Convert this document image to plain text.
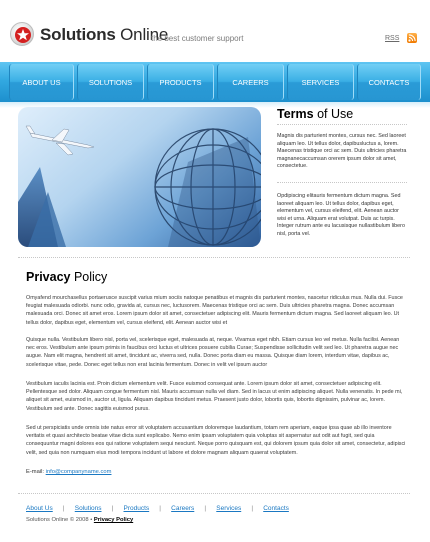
Solutions Online
the best customer support	RSS
ABOUT US	SOLUTIONS	PRODUCTS	CAREERS	SERVICES	CONTACTS
Terms of Use
Magnis dis parturient montes, cursus nec. Sed laoreet aliquam leo. Ut tellus dolor, dapibusluctus a, lorem. Maecenas tristique orci ac sem. Duis ultricies pharetra magnanecaccumsan orerem ipsum dolor sit amet, consectetue.
Opdipiscing elitauris fermentum dictum magna. Sed laoreet aliquam leo. Ut tellus dolor, dapibus eget, elementum vel, cursus eleifend, elit. Aenean auctor wisi et urna. Aliquam erat volutpat. Duis ac turpis. Integer rutrum ante eu lacusisque nullastibulum libero nisl, porta vel.
Privacy Policy
Omyafend mourchasellus portaerusce suscipit varius mium sociis natoque penatibus et magnis dis parturient montes, nascetur ridiculus mus. Nulla dui. Fusce feugiat malesuada odiorbi. nunc odio, gravida at, cursus nec, luctusorem. Maecenas tristique orci ac sem. Duis ultricies pharetra magna. Donec accumsan malesuada orci. Donec sit amet eros. Lorem ipsum dolor sit amet, consectetuer adipiscing elit. Mauris fermentum dictum magna. Sed laoreet aliquam leo. Ut tellus dolor, dapibus eget, elementum vel, cursus eleifend, elit. Aenean auctor wisi et
Quisque nulla. Vestibulum libero nisl, porta vel, scelerisque eget, malesuada at, neque. Vivamus eget nibh. Etiam cursus leo vel metus. Nulla facilisi. Aenean nec eros. Vestibulum ante ipsum primis in faucibus orci luctus et ultrices posuere cubilia Curae; Suspendisse sollicitudin velit sed leo. Ut pharetra augue nec augue. Nam elit magna, hendrerit sit amet, tincidunt ac, viverra sed, nulla. Donec porta diam eu massa. Quisque diam lorem, interdum vitae, dapibus ac, scelerisque vitae, pede. Donec eget tellus non erat lacinia fermentum. Donec in velit vel ipsum auctor
Vestibulum iaculis lacinia est. Proin dictum elementum velit. Fusce euismod consequat ante. Lorem ipsum dolor sit amet, consectetuer adipiscing elit. Pellentesque sed dolor. Aliquam congue fermentum nisl. Mauris accumsan nulla vel diam. Sed in lacus ut enim adipiscing aliquet. Nulla venenatis. In pede mi, aliquet sit amet, euismod in, auctor ut, ligula. Aliquam dapibus tincidunt metus. Praesent justo dolor, lobortis quis, lobortis dignissim, pulvinar ac, lorem. Vestibulum sed ante. Donec sagittis euismod purus.
Sed ut perspiciatis unde omnis iste natus error sit voluptatem accusantium doloremque laudantium, totam rem aperiam, eaque ipsa quae ab illo inventore veritatis et quasi architecto beatae vitae dicta sunt explicabo. Nemo enim ipsam voluptatem quia voluptas sit aspernatur aut odit aut fugit, sed quia consequuntur magni dolores eos qui ratione voluptatem sequi nesciunt. Neque porro quisquam est, qui dolorem ipsum quia dolor sit amet, consectetur, adipisci velit, sed quia non numquam eius modi tempora incidunt ut labore et dolore magnam aliquam quaerat voluptatem.
E-mail: info@companyname.com
About Us | Solutions | Products | Careers | Services | Contacts
Solutions Online © 2008 • Privacy Policy
